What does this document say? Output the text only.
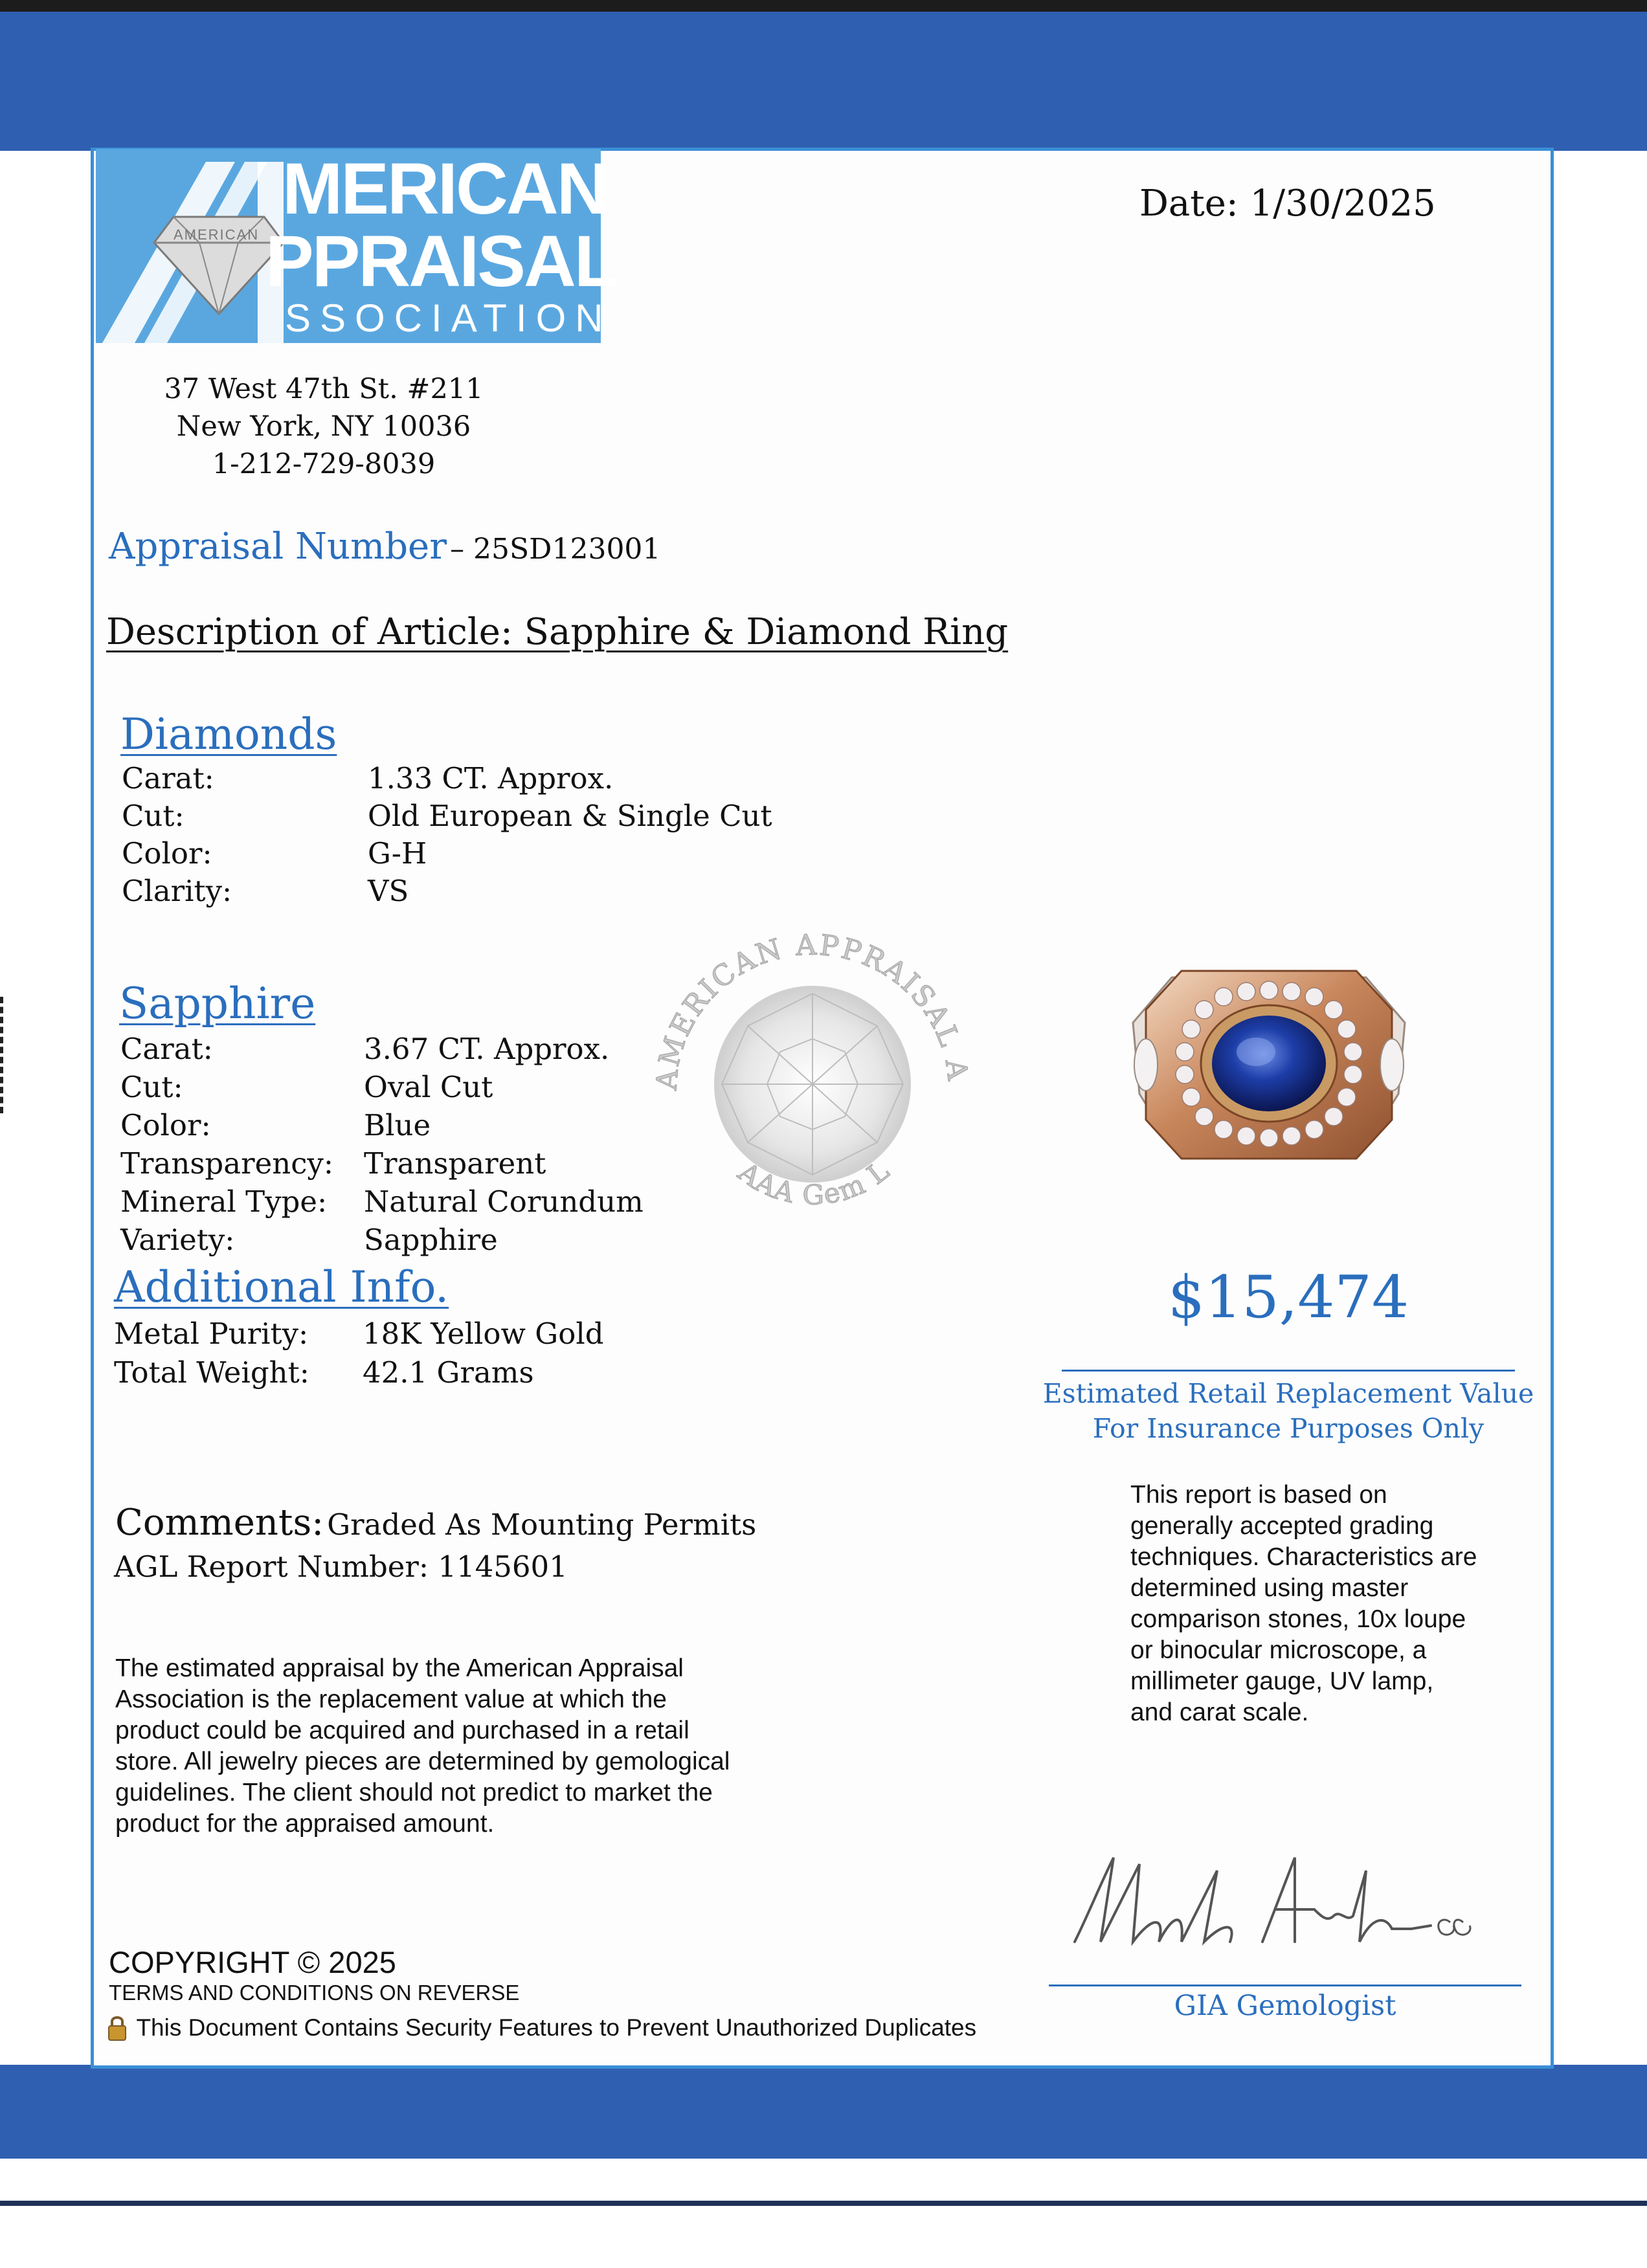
AMERICAN
MERICAN
PPRAISAL
SSOCIATION
Date: 1/30/2025
37 West 47th St. #211
New York, NY 10036
1-212-729-8039
Appraisal Number – 25SD123001
Description of Article: Sapphire & Diamond Ring
Diamonds
Carat:	1.33 CT. Approx.
Cut:	Old European & Single Cut
Color:	G-H
Clarity:	VS
Sapphire
Carat:	3.67 CT. Approx.
Cut:	Oval Cut
Color:	Blue
Transparency: Transparent
Mineral Type: Natural Corundum
Variety:	Sapphire
Additional Info.
Metal Purity: 18K Yellow Gold
Total Weight: 42.1 Grams
AMERICAN APPRAISAL A
AAA Gem L
$15,474
Estimated Retail Replacement Value
For Insurance Purposes Only
This report is based on generally accepted grading techniques. Characteristics are determined using master comparison stones, 10x loupe or binocular microscope, a millimeter gauge, UV lamp, and carat scale.
Comments: Graded As Mounting Permits
AGL Report Number: 1145601
The estimated appraisal by the American Appraisal Association is the replacement value at which the product could be acquired and purchased in a retail store. All jewelry pieces are determined by gemological guidelines. The client should not predict to market the product for the appraised amount.
GIA Gemologist
COPYRIGHT © 2025
TERMS AND CONDITIONS ON REVERSE
This Document Contains Security Features to Prevent Unauthorized Duplicates
